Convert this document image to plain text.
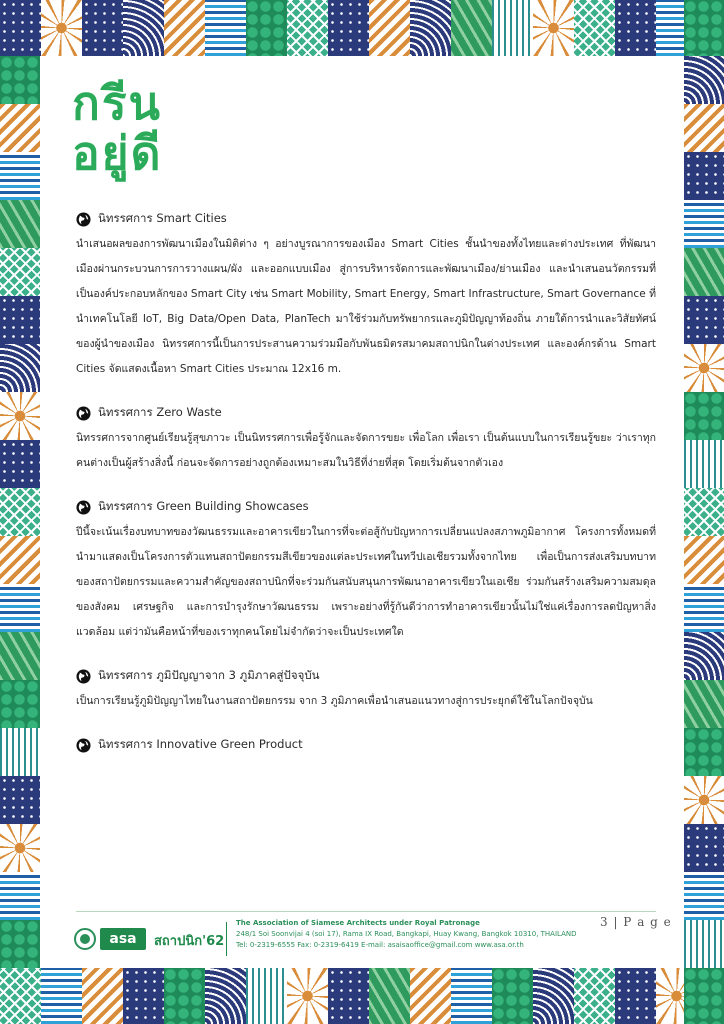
กรีน
อยู่ดี
นิทรรศการ Smart Cities

นำเสนอผลของการพัฒนาเมืองในมิติต่าง ๆ อย่างบูรณาการของเมือง Smart Cities ชั้นนำของทั้งไทยและต่างประเทศ ที่พัฒนาเมืองผ่านกระบวนการการวางแผน/ผัง และออกแบบเมือง สู่การบริหารจัดการและพัฒนาเมือง/ย่านเมือง และนำเสนอนวัตกรรมที่เป็นองค์ประกอบหลักของ Smart City เช่น Smart Mobility, Smart Energy, Smart Infrastructure, Smart Governance ที่นำเทคโนโลยี IoT, Big Data/Open Data, PlanTech มาใช้ร่วมกับทรัพยากรและภูมิปัญญาท้องถิ่น ภายใต้การนำและวิสัยทัศน์ของผู้นำของเมือง นิทรรศการนี้เป็นการประสานความร่วมมือกับพันธมิตรสมาคมสถาปนิกในต่างประเทศ และองค์กรด้าน Smart Cities จัดแสดงเนื้อหา Smart Cities ประมาณ 12x16 m.

นิทรรศการ Zero Waste

นิทรรศการจากศูนย์เรียนรู้สุขภาวะ เป็นนิทรรศการเพื่อรู้จักและจัดการขยะ เพื่อโลก เพื่อเรา เป็นต้นแบบในการเรียนรู้ขยะ ว่าเราทุกคนต่างเป็นผู้สร้างสิ่งนี้ ก่อนจะจัดการอย่างถูกต้องเหมาะสมในวิธีที่ง่ายที่สุด โดยเริ่มต้นจากตัวเอง

นิทรรศการ Green Building Showcases

ปีนี้จะเน้นเรื่องบทบาทของวัฒนธรรมและอาคารเขียวในการที่จะต่อสู้กับปัญหาการเปลี่ยนแปลงสภาพภูมิอากาศ โครงการทั้งหมดที่นำมาแสดงเป็นโครงการตัวแทนสถาปัตยกรรมสีเขียวของแต่ละประเทศในทวีปเอเชียรวมทั้งจากไทย เพื่อเป็นการส่งเสริมบทบาทของสถาปัตยกรรมและความสำคัญของสถาปนิกที่จะร่วมกันสนับสนุนการพัฒนาอาคารเขียวในเอเชีย ร่วมกันสร้างเสริมความสมดุลของสังคม เศรษฐกิจ และการบำรุงรักษาวัฒนธรรม เพราะอย่างที่รู้กันดีว่าการทำอาคารเขียวนั้นไม่ใช่แค่เรื่องการลดปัญหาสิ่งแวดล้อม แต่ว่ามันคือหน้าที่ของเราทุกคนโดยไม่จำกัดว่าจะเป็นประเทศใด

นิทรรศการ ภูมิปัญญาจาก 3 ภูมิภาคสู่ปัจจุบัน

เป็นการเรียนรู้ภูมิปัญญาไทยในงานสถาปัตยกรรม จาก 3 ภูมิภาคเพื่อนำเสนอแนวทางสู่การประยุกต์ใช้ในโลกปัจจุบัน

นิทรรศการ Innovative Green Product
asa	สถาปนิก'62
The Association of Siamese Architects under Royal Patronage
248/1 Soi Soonvijai 4 (soi 17), Rama IX Road, Bangkapi, Huay Kwang, Bangkok 10310, THAILAND
Tel: 0-2319-6555 Fax: 0-2319-6419 E-mail: asaisaoffice@gmail.com www.asa.or.th
3 | P a g e
